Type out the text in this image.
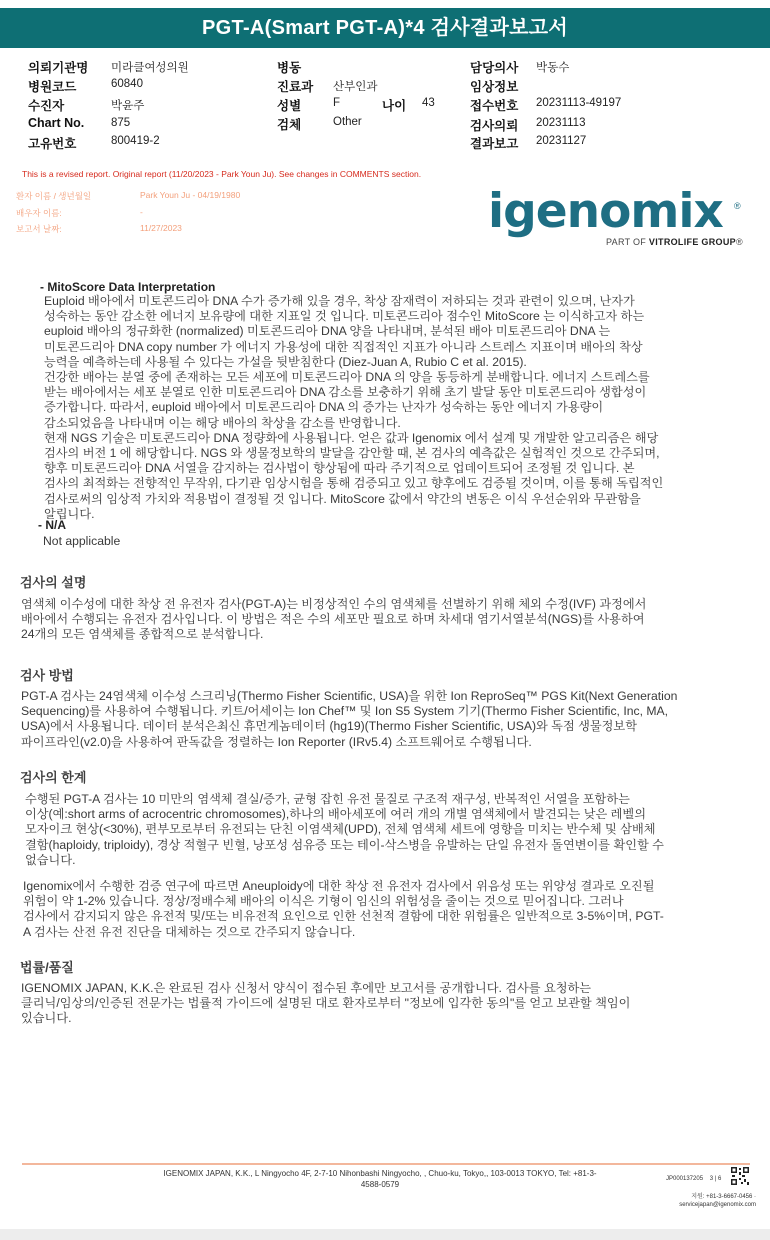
PGT-A(Smart PGT-A)*4 검사결과보고서
의뢰기관명 미라클여성의원
병원코드	60840
수진자	박윤주
Chart No. 875
고유번호	800419-2
병동
진료과 산부인과
성별	F	나이 43
검체	Other
담당의사 박동수
임상정보
접수번호 20231113-49197
검사의뢰 20231113
결과보고 20231127
This is a revised report. Original report (11/20/2023 - Park Youn Ju). See changes in COMMENTS section.
환자 이름 / 생년월일	Park Youn Ju - 04/19/1980
배우자 이름:	-
보고서 날짜:	11/27/2023	igenomix	®
PART OF VITROLIFE GROUP®
- MitoScore Data Interpretation
Euploid 배아에서 미토콘드리아 DNA 수가 증가해 있을 경우, 착상 잠재력이 저하되는 것과 관련이 있으며, 난자가
성숙하는 동안 감소한 에너지 보유량에 대한 지표일 것 입니다. 미토콘드리아 점수인 MitoScore 는 이식하고자 하는
euploid 배아의 정규화한 (normalized) 미토콘드리아 DNA 양을 나타내며, 분석된 배아 미토콘드리아 DNA 는
미토콘드리아 DNA copy number 가 에너지 가용성에 대한 직접적인 지표가 아니라 스트레스 지표이며 배아의 착상
능력을 예측하는데 사용될 수 있다는 가설을 뒷받침한다 (Diez-Juan A, Rubio C et al. 2015).
건강한 배아는 분열 중에 존재하는 모든 세포에 미토콘드리아 DNA 의 양을 동등하게 분배합니다. 에너지 스트레스를
받는 배아에서는 세포 분열로 인한 미토콘드리아 DNA 감소를 보충하기 위해 초기 발달 동안 미토콘드리아 생합성이
증가합니다. 따라서, euploid 배아에서 미토콘드리아 DNA 의 증가는 난자가 성숙하는 동안 에너지 가용량이
감소되었음을 나타내며 이는 해당 배아의 착상율 감소를 반영합니다.
현재 NGS 기술은 미토콘드리아 DNA 정량화에 사용됩니다. 얻은 값과 Igenomix 에서 설계 및 개발한 알고리즘은 해당
검사의 버전 1 에 해당합니다. NGS 와 생물정보학의 발달을 감안할 때, 본 검사의 예측값은 실험적인 것으로 간주되며,
향후 미토콘드리아 DNA 서열을 감지하는 검사법이 향상됨에 따라 주기적으로 업데이트되어 조정될 것 입니다. 본
검사의 최적화는 전향적인 무작위, 다기관 임상시험을 통해 검증되고 있고 향후에도 검증될 것이며, 이를 통해 독립적인
검사로써의 임상적 가치와 적용법이 결정될 것 입니다. MitoScore 값에서 약간의 변동은 이식 우선순위와 무관함을
알립니다.
- N/A
Not applicable
검사의 설명
염색체 이수성에 대한 착상 전 유전자 검사(PGT-A)는 비정상적인 수의 염색체를 선별하기 위해 체외 수정(IVF) 과정에서
배아에서 수행되는 유전자 검사입니다. 이 방법은 적은 수의 세포만 필요로 하며 차세대 염기서열분석(NGS)를 사용하여
24개의 모든 염색체를 종합적으로 분석합니다.
검사 방법
PGT-A 검사는 24염색체 이수성 스크리닝(Thermo Fisher Scientific, USA)을 위한 Ion ReproSeq™ PGS Kit(Next Generation
Sequencing)를 사용하여 수행됩니다. 키트/어세이는 Ion Chef™ 및 Ion S5 System 기기(Thermo Fisher Scientific, Inc, MA,
USA)에서 사용됩니다. 데이터 분석은최신 휴먼게놈데이터 (hg19)(Thermo Fisher Scientific, USA)와 독점 생물정보학
파이프라인(v2.0)을 사용하여 판독값을 정렬하는 Ion Reporter (IRv5.4) 소프트웨어로 수행됩니다.
검사의 한계
수행된 PGT-A 검사는 10 미만의 염색체 결실/증가, 균형 잡힌 유전 물질로 구조적 재구성, 반복적인 서열을 포함하는
이상(예:short arms of acrocentric chromosomes),하나의 배아세포에 여러 개의 개별 염색체에서 발견되는 낮은 레벨의
모자이크 현상(<30%), 편부모로부터 유전되는 단친 이염색체(UPD), 전체 염색체 세트에 영향을 미치는 반수체 및 삼배체
결함(haploidy, triploidy), 경상 적혈구 빈혈, 낭포성 섬유증 또는 테이-삭스병을 유발하는 단일 유전자 돌연변이를 확인할 수
없습니다.
Igenomix에서 수행한 검증 연구에 따르면 Aneuploidy에 대한 착상 전 유전자 검사에서 위음성 또는 위양성 결과로 오진될
위험이 약 1-2% 있습니다. 정상/정배수체 배아의 이식은 기형이 임신의 위험성을 줄이는 것으로 믿어집니다. 그러나
검사에서 감지되지 않은 유전적 및/또는 비유전적 요인으로 인한 선천적 결함에 대한 위험률은 일반적으로 3-5%이며, PGT-
A 검사는 산전 유전 진단을 대체하는 것으로 간주되지 않습니다.
법률/품질
IGENOMIX JAPAN, K.K.은 완료된 검사 신청서 양식이 접수된 후에만 보고서를 공개합니다. 검사를 요청하는
클리닉/임상의/인증된 전문가는 법률적 가이드에 설명된 대로 환자로부터 "정보에 입각한 동의"를 얻고 보관할 책임이
있습니다.
IGENOMIX JAPAN, K.K., L Ningyocho 4F, 2-7-10 Nihonbashi Ningyocho, , Chuo-ku, Tokyo,, 103-0013 TOKYO, Tel: +81-3-
4588-0579
JP000137205 3 | 6
지원: +81-3-6667-0456 ·
servicejapan@igenomix.com
